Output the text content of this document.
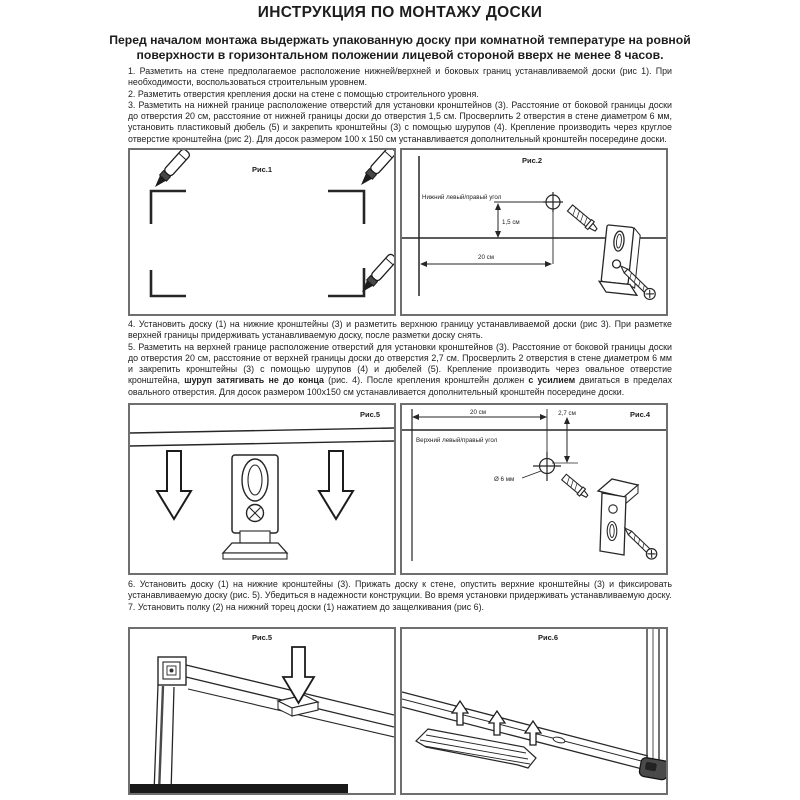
ИНСТРУКЦИЯ ПО МОНТАЖУ ДОСКИ
Перед началом монтажа выдержать упакованную доску при комнатной температуре на ровной поверхности в горизонтальном положении лицевой стороной вверх не менее 8 часов.

1. Разметить на стене предполагаемое расположение нижней/верхней и боковых границ устанавливаемой доски (рис 1). При необходимости, воспользоваться строительным уровнем.

2. Разметить отверстия крепления доски на стене с помощью строительного уровня.

3. Разметить на нижней границе расположение отверстий для установки кронштейнов (3). Расстояние от боковой границы доски до отверстия 20 см, расстояние от нижней границы доски до отверстия 1,5 см. Просверлить 2 отверстия в стене диаметром 6 мм, установить пластиковый дюбель (5) и закрепить кронштейны (3) с помощью шурупов (4). Крепление производить через круглое отверстие кронштейна (рис 2). Для досок размером 100 х 150 см устанавливается дополнительный кронштейн посередине доски.

Рис.1
Рис.2
Нижний левый/правый угол
1,5 см
20 см

4. Установить доску (1) на нижние кронштейны (3) и разметить верхнюю границу устанавливаемой доски (рис 3). При разметке верхней границы придерживать устанавливаемую доску, после разметки доску снять.

5. Разметить на верхней границе расположение отверстий для установки кронштейнов (3). Расстояние от боковой границы доски до отверстия 20 см, расстояние от верхней границы доски до отверстия 2,7 см. Просверлить 2 отверстия в стене диаметром 6 мм и закрепить кронштейны (3) с помощью шурупов (4) и дюбелей (5). Крепление производить через овальное отверстие кронштейна, шуруп затягивать не до конца (рис. 4). После крепления кронштейн должен с усилием двигаться в пределах овального отверстия. Для досок размером 100х150 см устанавливается дополнительный кронштейн посередине доски.

Рис.5	Рис.4
20 см	2,7 см
Верхний левый/правый угол
Ø 6 мм

6. Установить доску (1) на нижние кронштейны (3). Прижать доску к стене, опустить верхние кронштейны (3) и фиксировать устанавливаемую доску (рис. 5). Убедиться в надежности конструкции. Во время установки придерживать устанавливаемую доску.

7. Установить полку (2) на нижний торец доски (1) нажатием до защелкивания (рис 6).

Рис.5	Рис.6
